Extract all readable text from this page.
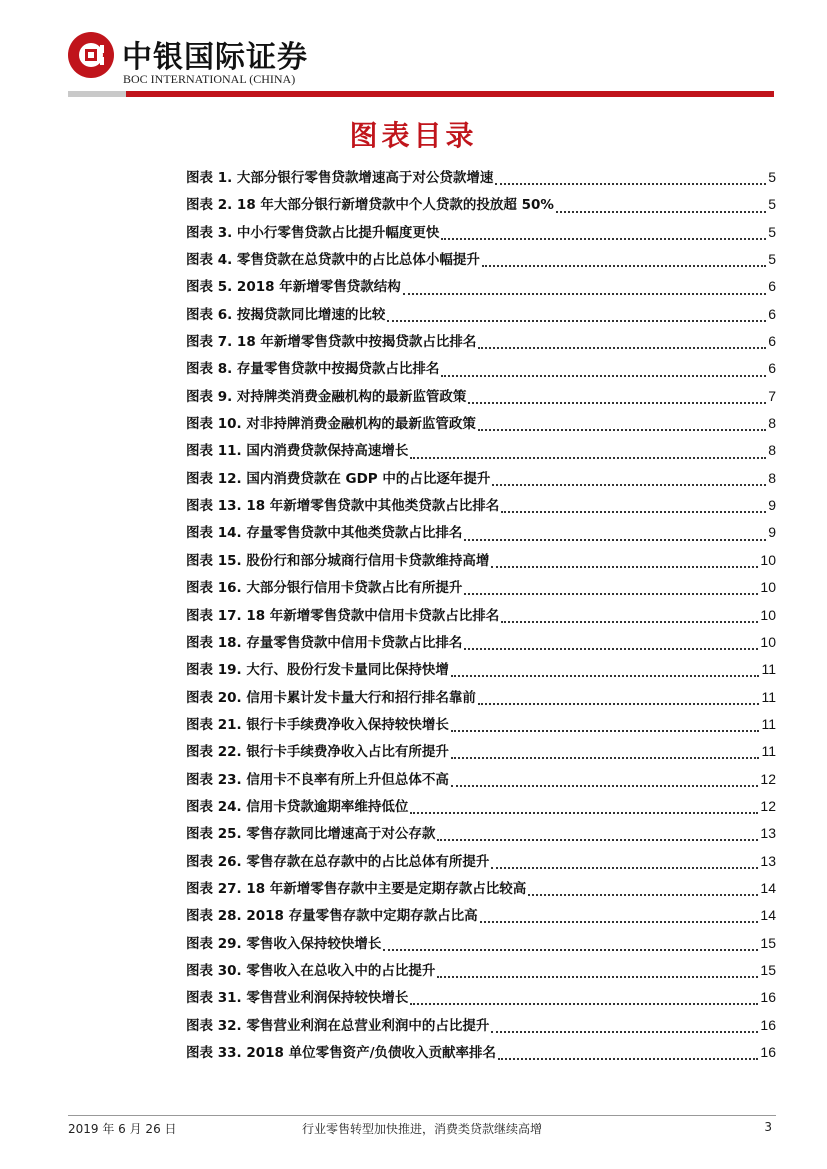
中银国际证券
BOC INTERNATIONAL (CHINA)
图表目录
图表 1. 大部分银行零售贷款增速高于对公贷款增速	5
图表 2. 18 年大部分银行新增贷款中个人贷款的投放超 50%	5
图表 3. 中小行零售贷款占比提升幅度更快	5
图表 4. 零售贷款在总贷款中的占比总体小幅提升	5
图表 5. 2018 年新增零售贷款结构	6
图表 6. 按揭贷款同比增速的比较	6
图表 7. 18 年新增零售贷款中按揭贷款占比排名	6
图表 8. 存量零售贷款中按揭贷款占比排名	6
图表 9. 对持牌类消费金融机构的最新监管政策	7
图表 10. 对非持牌消费金融机构的最新监管政策	8
图表 11. 国内消费贷款保持高速增长	8
图表 12. 国内消费贷款在 GDP 中的占比逐年提升	8
图表 13. 18 年新增零售贷款中其他类贷款占比排名	9
图表 14. 存量零售贷款中其他类贷款占比排名	9
图表 15. 股份行和部分城商行信用卡贷款维持高增	10
图表 16. 大部分银行信用卡贷款占比有所提升	10
图表 17. 18 年新增零售贷款中信用卡贷款占比排名	10
图表 18. 存量零售贷款中信用卡贷款占比排名	10
图表 19. 大行、股份行发卡量同比保持快增	11
图表 20. 信用卡累计发卡量大行和招行排名靠前	11
图表 21. 银行卡手续费净收入保持较快增长	11
图表 22. 银行卡手续费净收入占比有所提升	11
图表 23. 信用卡不良率有所上升但总体不高	12
图表 24. 信用卡贷款逾期率维持低位	12
图表 25. 零售存款同比增速高于对公存款	13
图表 26. 零售存款在总存款中的占比总体有所提升	13
图表 27. 18 年新增零售存款中主要是定期存款占比较高	14
图表 28. 2018 存量零售存款中定期存款占比高	14
图表 29. 零售收入保持较快增长	15
图表 30. 零售收入在总收入中的占比提升	15
图表 31. 零售营业利润保持较快增长	16
图表 32. 零售营业利润在总营业利润中的占比提升	16
图表 33. 2018 单位零售资产/负债收入贡献率排名	16
2019 年 6 月 26 日	行业零售转型加快推进，消费类贷款继续高增	3
